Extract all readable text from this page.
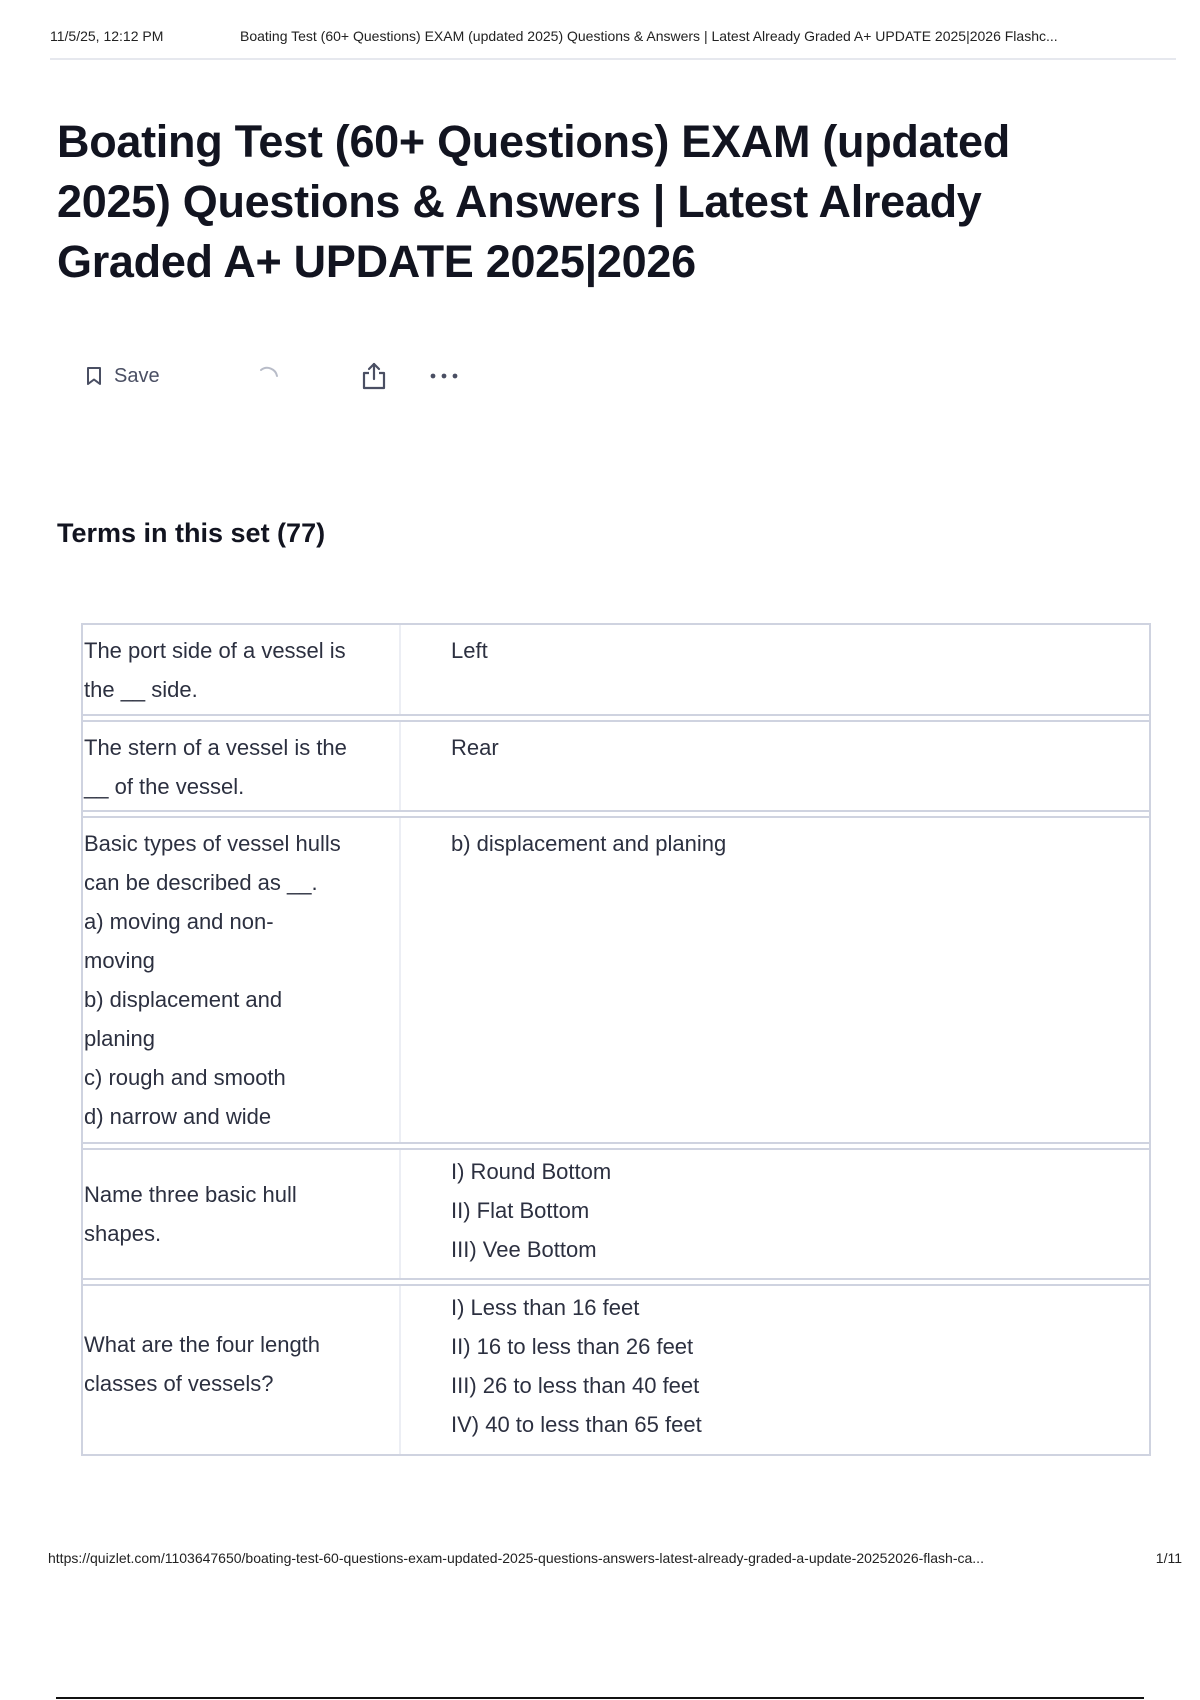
11/5/25, 12:12 PM	Boating Test (60+ Questions) EXAM (updated 2025) Questions & Answers | Latest Already Graded A+ UPDATE 2025|2026 Flashc...
Boating Test (60+ Questions) EXAM (updated 2025) Questions & Answers | Latest Already Graded A+ UPDATE 2025|2026
Save
Terms in this set (77)
The port side of a vessel is
the __ side.
Left
The stern of a vessel is the
__ of the vessel.
Rear
Basic types of vessel hulls
can be described as __.
a) moving and non-
moving
b) displacement and
planing
c) rough and smooth
d) narrow and wide
b) displacement and planing
Name three basic hull
shapes.
I) Round Bottom
II) Flat Bottom
III) Vee Bottom
What are the four length
classes of vessels?
I) Less than 16 feet
II) 16 to less than 26 feet
III) 26 to less than 40 feet
IV) 40 to less than 65 feet
https://quizlet.com/1103647650/boating-test-60-questions-exam-updated-2025-questions-answers-latest-already-graded-a-update-20252026-flash-ca...	1/11
